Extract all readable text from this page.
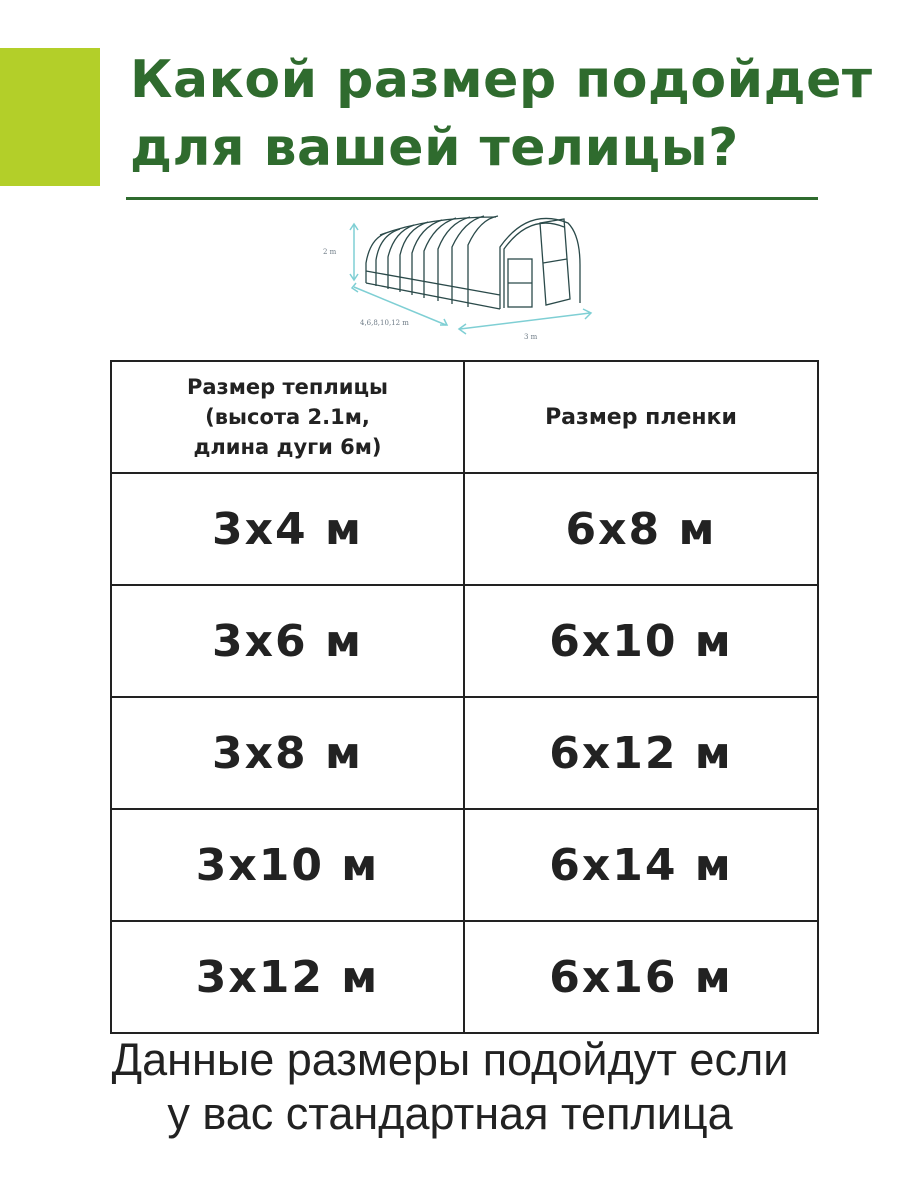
Какой размер подойдет
для вашей телицы?
2 m
4,6,8,10,12 m
3 m
Размер теплицы
(высота 2.1м,
длина дуги 6м)	Размер пленки
3x4 м	6x8 м
3x6 м	6x10 м
3x8 м	6x12 м
3x10 м	6x14 м
3x12 м	6x16 м
Данные размеры подойдут если
у вас стандартная теплица
